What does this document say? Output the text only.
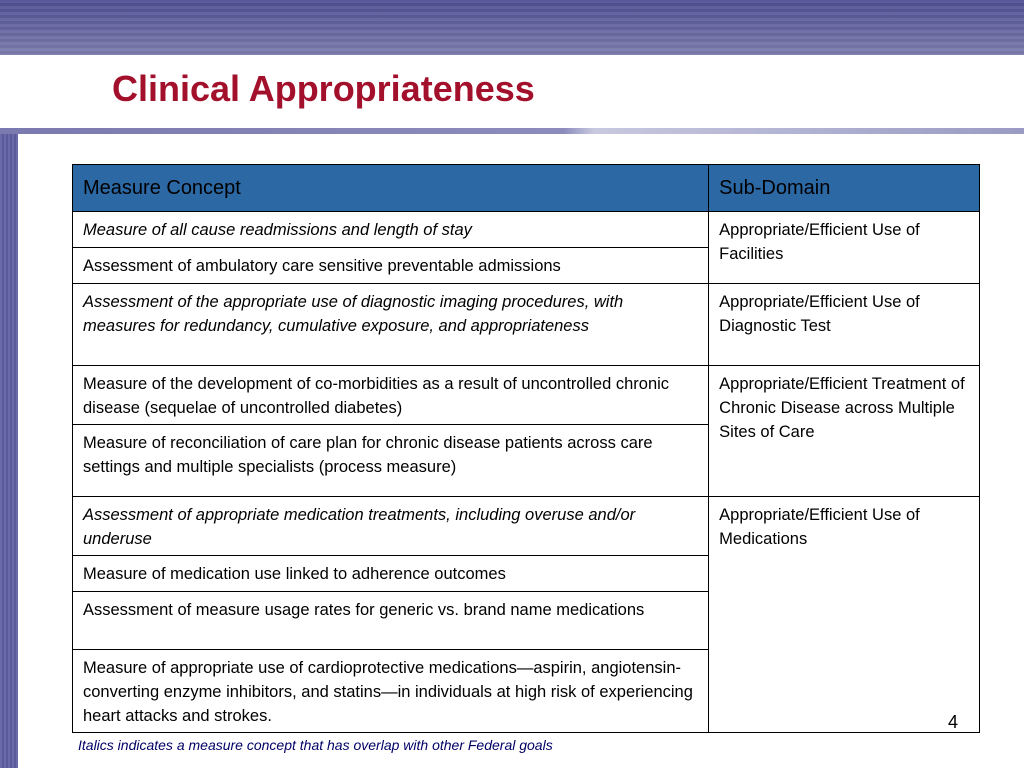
Clinical Appropriateness
Measure Concept	Sub-Domain
Measure of all cause readmissions and length of stay	Appropriate/Efficient Use of Facilities
Assessment of ambulatory care sensitive preventable admissions	
Assessment of the appropriate use of diagnostic imaging procedures, with measures for redundancy, cumulative exposure, and appropriateness	Appropriate/Efficient Use of Diagnostic Test
Measure of the development of co-morbidities as a result of uncontrolled chronic disease (sequelae of uncontrolled diabetes)	Appropriate/Efficient Treatment of Chronic Disease across Multiple Sites of Care
Measure of reconciliation of care plan for chronic disease patients across care settings and multiple specialists (process measure)	
Assessment of appropriate medication treatments, including overuse and/or underuse	Appropriate/Efficient Use of Medications
Measure of medication use linked to adherence outcomes	
Assessment of measure usage rates for generic vs. brand name medications	
Measure of appropriate use of cardioprotective medications—aspirin, angiotensin-converting enzyme inhibitors, and statins—in individuals at high risk of experiencing heart attacks and strokes.		4
Italics indicates a measure concept that has overlap with other Federal goals
